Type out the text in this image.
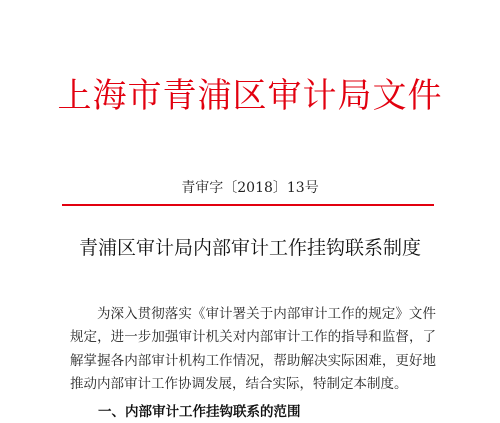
上海市青浦区审计局文件
青审字〔2018〕13号
青浦区审计局内部审计工作挂钩联系制度

为深入贯彻落实《审计署关于内部审计工作的规定》文件规定，进一步加强审计机关对内部审计工作的指导和监督，了解掌握各内部审计机构工作情况，帮助解决实际困难，更好地推动内部审计工作协调发展，结合实际，特制定本制度。

一、内部审计工作挂钩联系的范围
